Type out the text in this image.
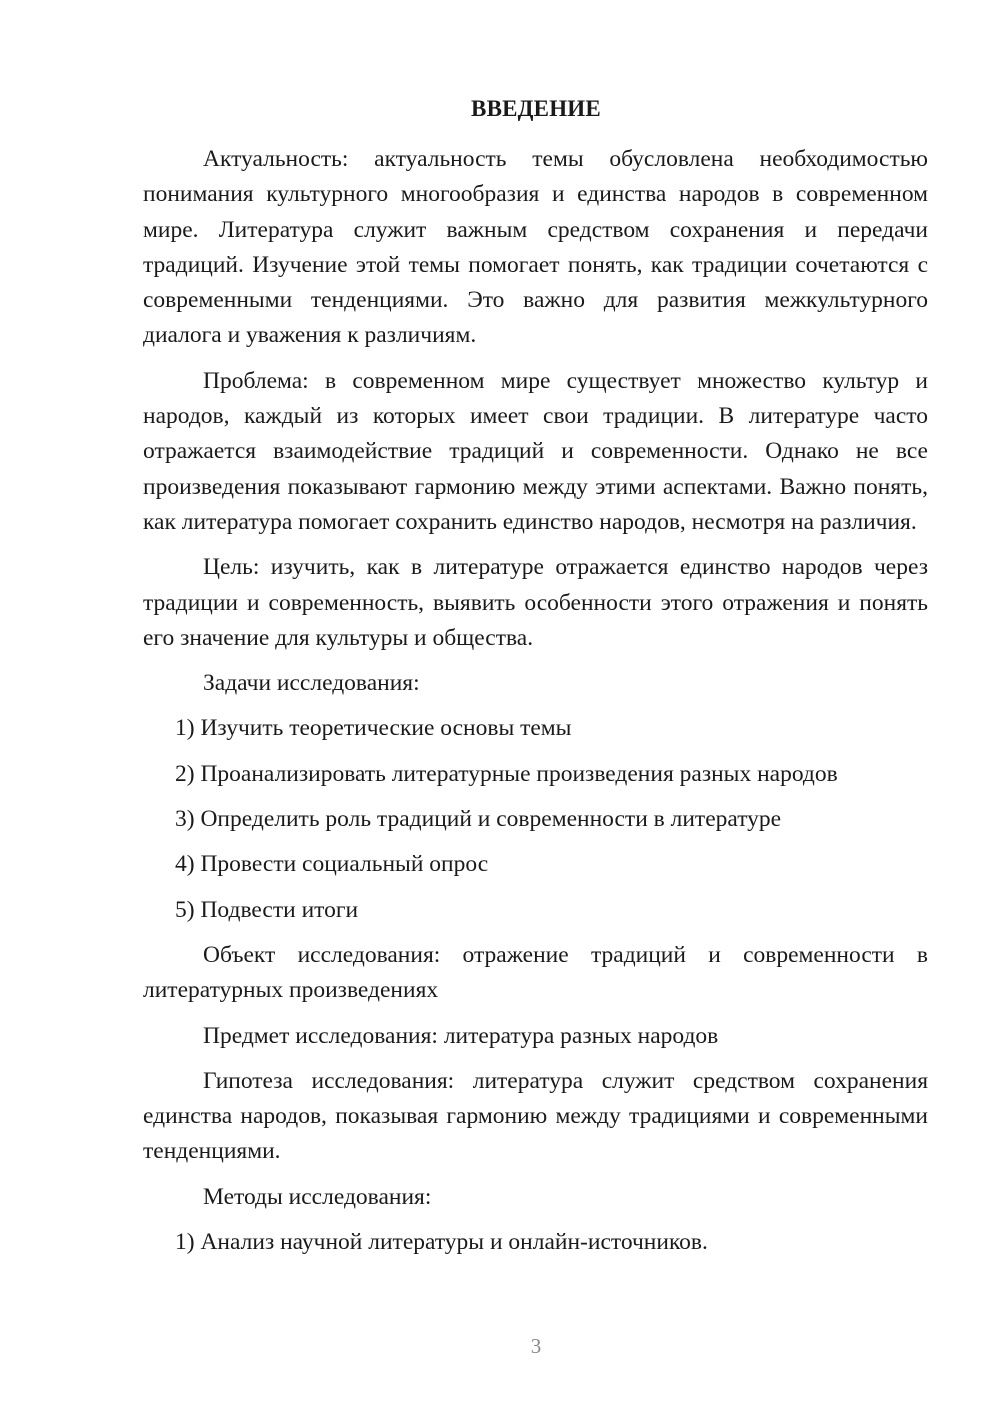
ВВЕДЕНИЕ

Актуальность: актуальность темы обусловлена необходимостью понимания культурного многообразия и единства народов в современном мире. Литература служит важным средством сохранения и передачи традиций. Изучение этой темы помогает понять, как традиции сочетаются с современными тенденциями. Это важно для развития межкультурного диалога и уважения к различиям.

Проблема: в современном мире существует множество культур и народов, каждый из которых имеет свои традиции. В литературе часто отражается взаимодействие традиций и современности. Однако не все произведения показывают гармонию между этими аспектами. Важно понять, как литература помогает сохранить единство народов, несмотря на различия.

Цель: изучить, как в литературе отражается единство народов через традиции и современность, выявить особенности этого отражения и понять его значение для культуры и общества.

Задачи исследования:

1) Изучить теоретические основы темы
2) Проанализировать литературные произведения разных народов
3) Определить роль традиций и современности в литературе
4) Провести социальный опрос
5) Подвести итоги

Объект исследования: отражение традиций и современности в литературных произведениях

Предмет исследования: литература разных народов

Гипотеза исследования: литература служит средством сохранения единства народов, показывая гармонию между традициями и современными тенденциями.

Методы исследования:

1) Анализ научной литературы и онлайн-источников.
3
